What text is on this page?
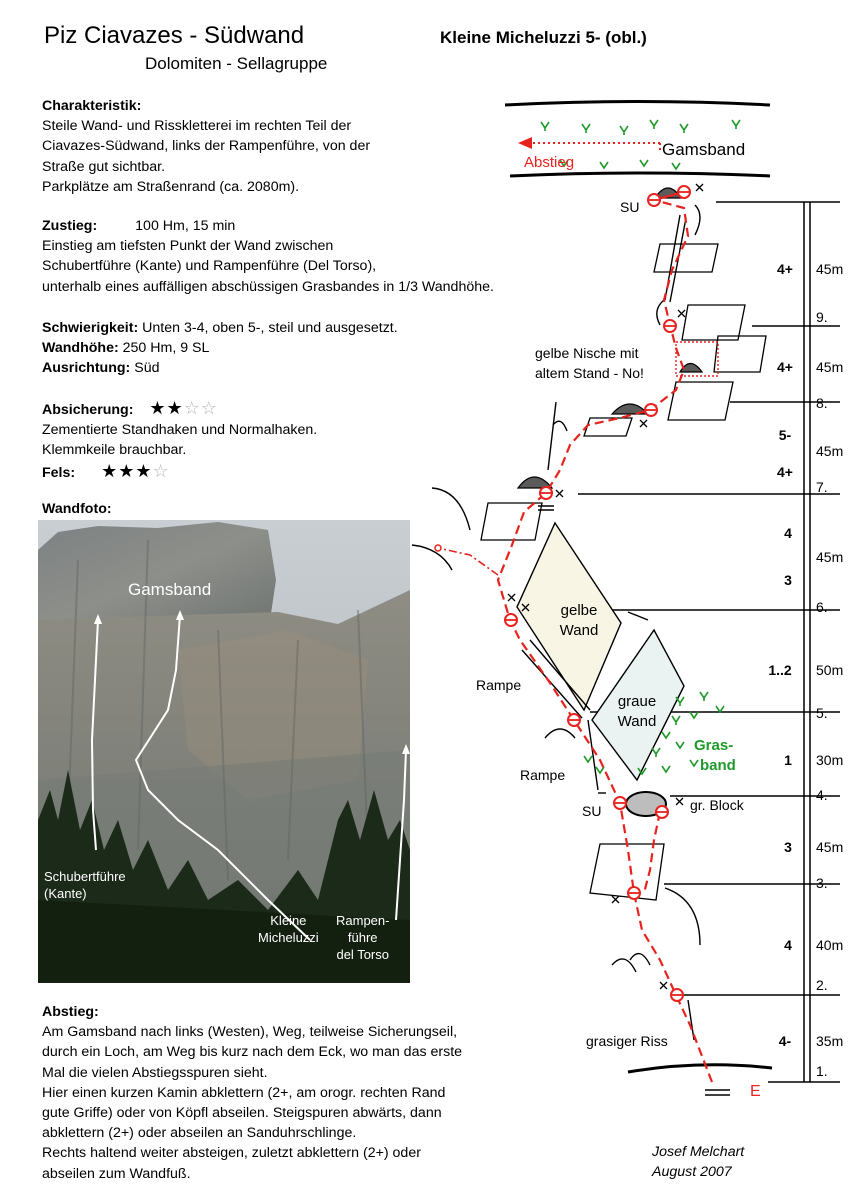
Piz Ciavazes - Südwand
Dolomiten - Sellagruppe
Kleine Micheluzzi 5- (obl.)
Charakteristik:
Steile Wand- und Risskletterei im rechten Teil der
Ciavazes-Südwand, links der Rampenführe, von der
Straße gut sichtbar.
Parkplätze am Straßenrand (ca. 2080m).
Zustieg:	100 Hm, 15 min
Einstieg am tiefsten Punkt der Wand zwischen
Schubertführe (Kante) und Rampenführe (Del Torso),
unterhalb eines auffälligen abschüssigen Grasbandes in 1/3 Wandhöhe.
Schwierigkeit: Unten 3-4, oben 5-, steil und ausgesetzt.
Wandhöhe: 250 Hm, 9 SL
Ausrichtung: Süd
Absicherung: ★★☆☆
Zementierte Standhaken und Normalhaken.
Klemmkeile brauchbar.
Fels: ★★★☆
Wandfoto:
Gamsband
Schubertführe
(Kante)
Kleine
Micheluzzi
Rampen-
führe
del Torso
Abstieg:
Am Gamsband nach links (Westen), Weg, teilweise Sicherungseil,
durch ein Loch, am Weg bis kurz nach dem Eck, wo man das erste
Mal die vielen Abstiegsspuren sieht.
Hier einen kurzen Kamin abklettern (2+, am orogr. rechten Rand
gute Griffe) oder von Köpfl abseilen. Steigspuren abwärts, dann
abklettern (2+) oder abseilen an Sanduhrschlinge.
Rechts haltend weiter absteigen, zuletzt abklettern (2+) oder
abseilen zum Wandfuß.
Josef Melchart
August 2007
Gamsband
Abstieg
9.
8.
7.
6.
5.
4.
3.
2.
1.
45m
45m
45m
45m
50m
30m
45m
40m
35m
4+
4+
5-
4+
4
3
1..2
1
3
4
4-
gelbe
Wand
graue
Wand
Gras-
band
gelbe Nische mit
altem Stand - No!
gr. Block
SU
SU
Rampe
Rampe
grasiger Riss
E
